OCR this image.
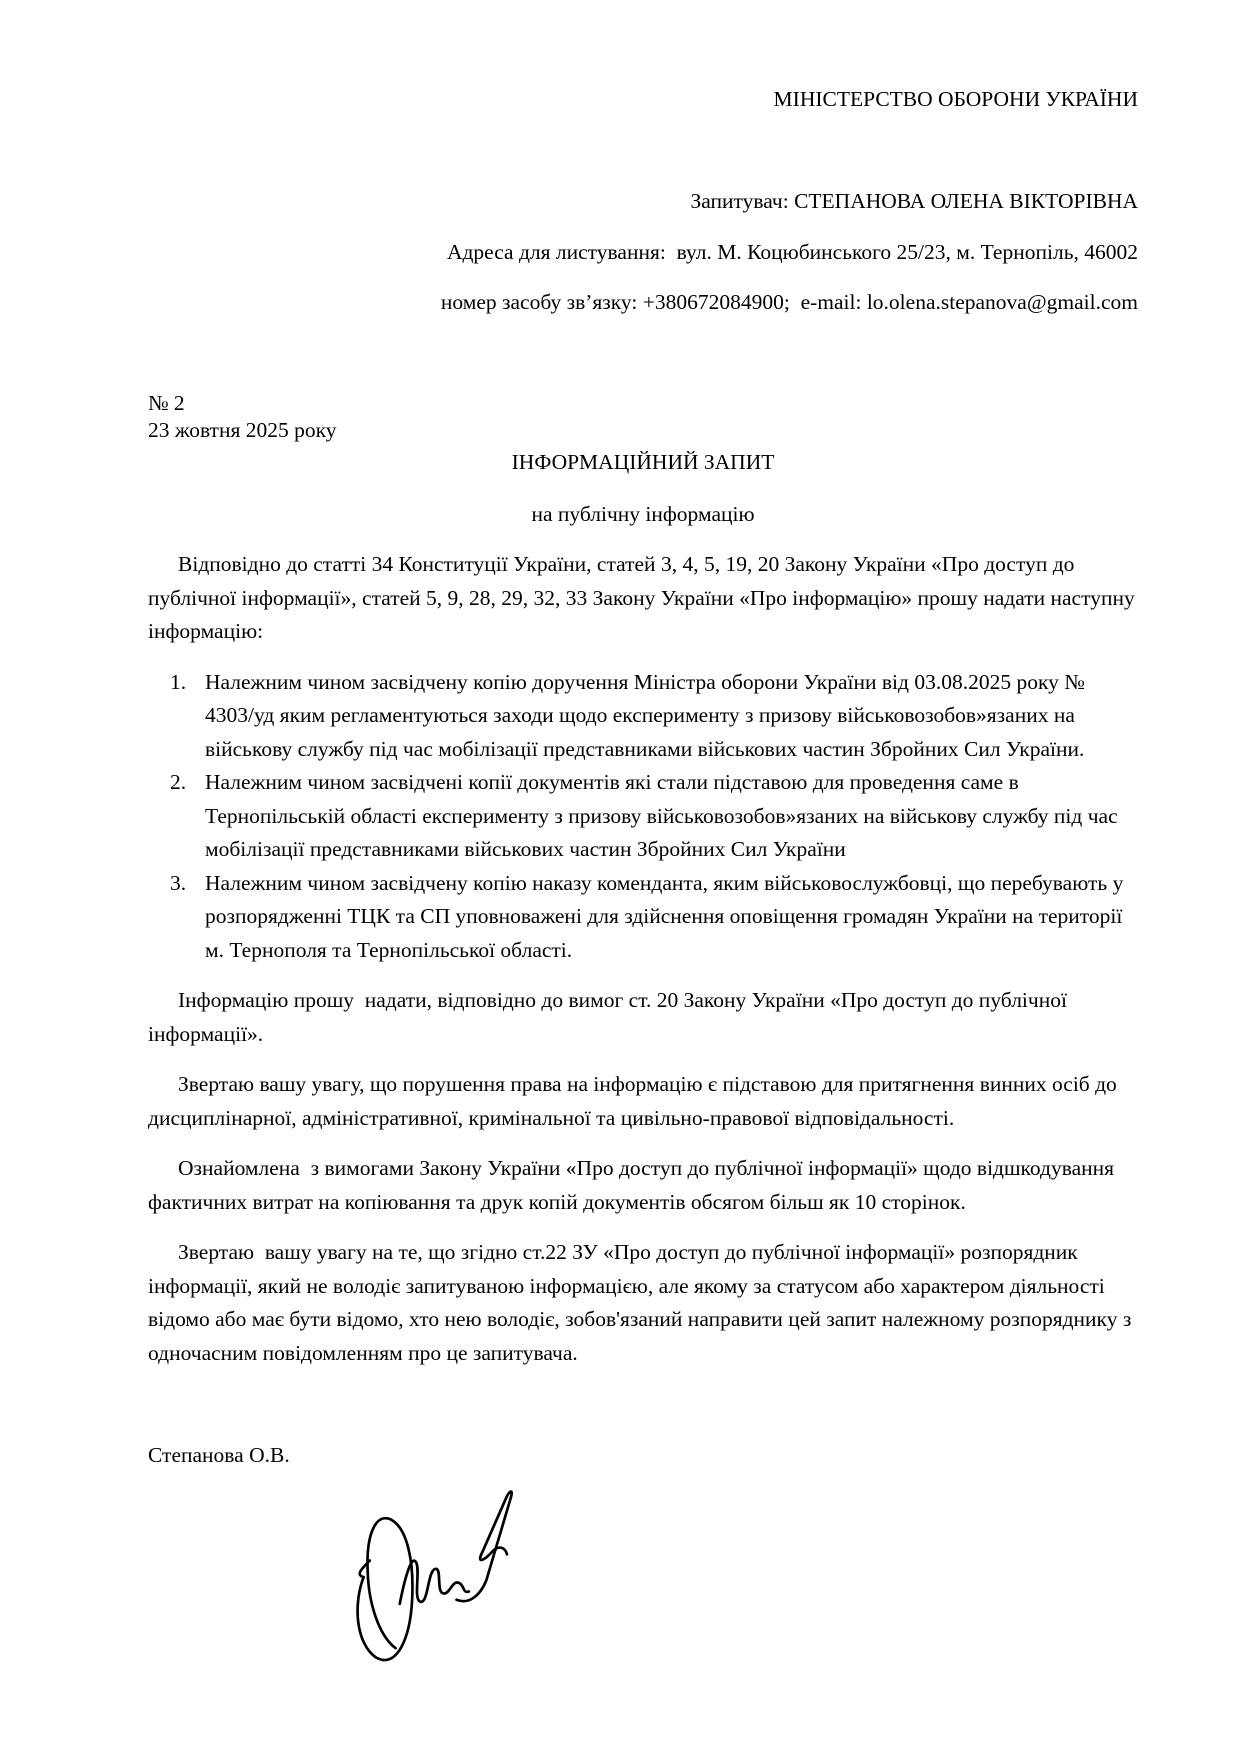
МІНІСТЕРСТВО ОБОРОНИ УКРАЇНИ

Запитувач: СТЕПАНОВА ОЛЕНА ВІКТОРІВНА

Адреса для листування:  вул. М. Коцюбинського 25/23, м. Тернопіль, 46002

номер засобу зв’язку: +380672084900;  e-mail: lo.olena.stepanova@gmail.com

№ 2

23 жовтня 2025 року

ІНФОРМАЦІЙНИЙ ЗАПИТ

на публічну інформацію

Відповідно до статті 34 Конституції України, статей 3, 4, 5, 19, 20 Закону України «Про доступ до публічної інформації», статей 5, 9, 28, 29, 32, 33 Закону України «Про інформацію» прошу надати наступну інформацію:

1. Належним чином засвідчену копію доручення Міністра оборони України від 03.08.2025 року № 4303/уд яким регламентуються заходи щодо експерименту з призову військовозобов»язаних на військову службу під час мобілізації представниками військових частин Збройних Сил України.
2. Належним чином засвідчені копії документів які стали підставою для проведення саме в Тернопільській області експерименту з призову військовозобов»язаних на військову службу під час мобілізації представниками військових частин Збройних Сил України
3. Належним чином засвідчену копію наказу коменданта, яким військовослужбовці, що перебувають у розпорядженні ТЦК та СП уповноважені для здійснення оповіщення громадян України на території м. Тернополя та Тернопільської області.

Інформацію прошу  надати, відповідно до вимог ст. 20 Закону України «Про доступ до публічної інформації».

Звертаю вашу увагу, що порушення права на інформацію є підставою для притягнення винних осіб до дисциплінарної, адміністративної, кримінальної та цивільно-правової відповідальності.

Ознайомлена  з вимогами Закону України «Про доступ до публічної інформації» щодо відшкодування фактичних витрат на копіювання та друк копій документів обсягом більш як 10 сторінок.

Звертаю  вашу увагу на те, що згідно ст.22 ЗУ «Про доступ до публічної інформації» розпорядник інформації, який не володіє запитуваною інформацією, але якому за статусом або характером діяльності відомо або має бути відомо, хто нею володіє, зобов'язаний направити цей запит належному розпоряднику з одночасним повідомленням про це запитувача.

Степанова О.В.
